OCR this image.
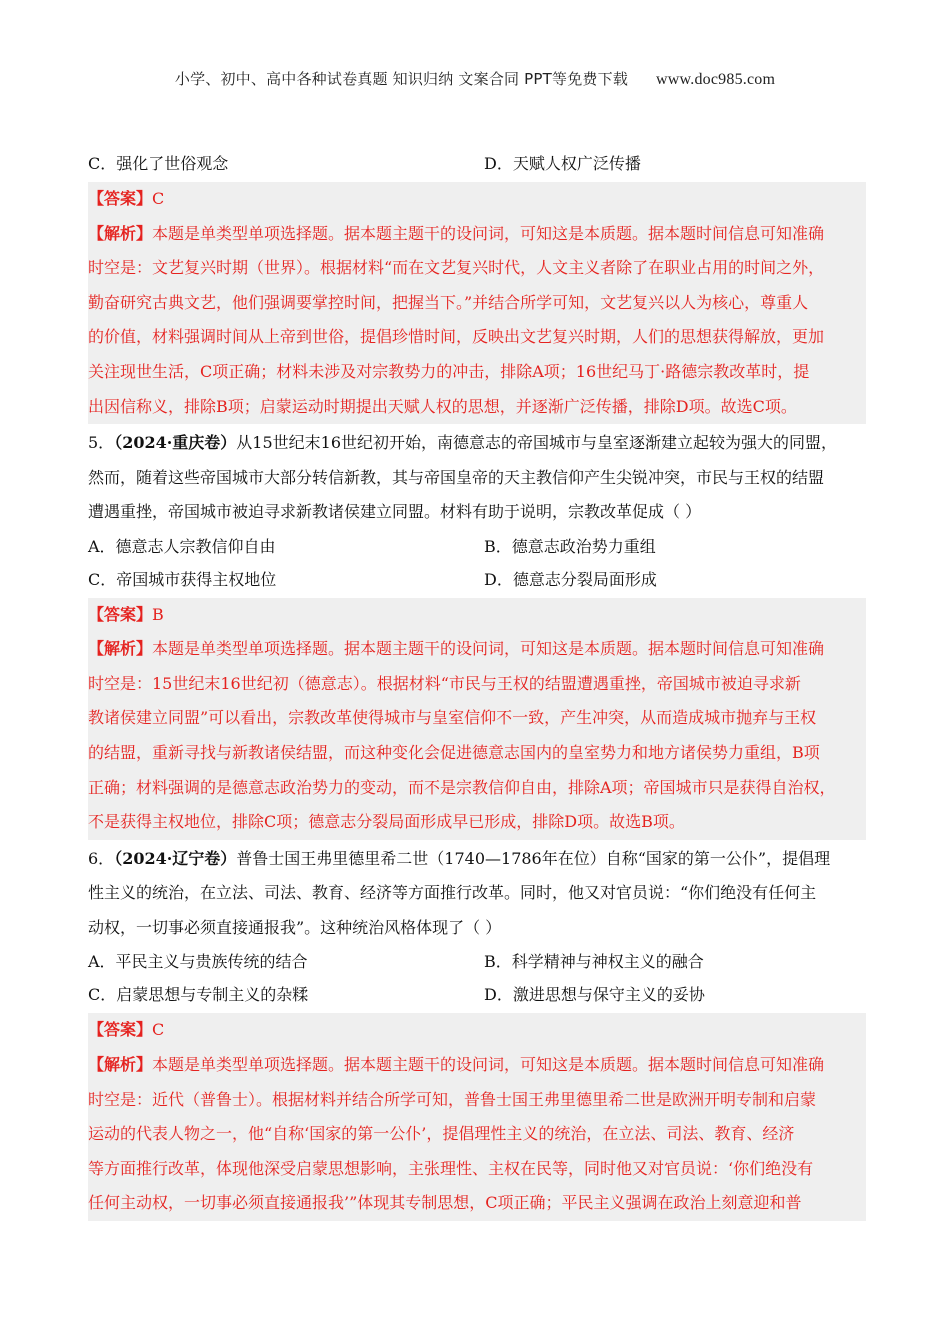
小学、初中、高中各种试卷真题 知识归纳 文案合同 PPT等免费下载 www.doc985.com
C．强化了世俗观念	D．天赋人权广泛传播
【答案】C
【解析】本题是单类型单项选择题。据本题主题干的设问词，可知这是本质题。据本题时间信息可知准确
时空是：文艺复兴时期（世界）。根据材料“而在文艺复兴时代，人文主义者除了在职业占用的时间之外，
勤奋研究古典文艺，他们强调要掌控时间，把握当下。”并结合所学可知，文艺复兴以人为核心，尊重人
的价值，材料强调时间从上帝到世俗，提倡珍惜时间，反映出文艺复兴时期，人们的思想获得解放，更加
关注现世生活，C项正确；材料未涉及对宗教势力的冲击，排除A项；16世纪马丁·路德宗教改革时，提
出因信称义，排除B项；启蒙运动时期提出天赋人权的思想，并逐渐广泛传播，排除D项。故选C项。
5．（2024·重庆卷）从15世纪末16世纪初开始，南德意志的帝国城市与皇室逐渐建立起较为强大的同盟，
然而，随着这些帝国城市大部分转信新教，其与帝国皇帝的天主教信仰产生尖锐冲突，市民与王权的结盟
遭遇重挫，帝国城市被迫寻求新教诸侯建立同盟。材料有助于说明，宗教改革促成（ ）
A．德意志人宗教信仰自由	B．德意志政治势力重组
C．帝国城市获得主权地位	D．德意志分裂局面形成
【答案】B
【解析】本题是单类型单项选择题。据本题主题干的设问词，可知这是本质题。据本题时间信息可知准确
时空是：15世纪末16世纪初（德意志）。根据材料“市民与王权的结盟遭遇重挫，帝国城市被迫寻求新
教诸侯建立同盟”可以看出，宗教改革使得城市与皇室信仰不一致，产生冲突，从而造成城市抛弃与王权
的结盟，重新寻找与新教诸侯结盟，而这种变化会促进德意志国内的皇室势力和地方诸侯势力重组，B项
正确；材料强调的是德意志政治势力的变动，而不是宗教信仰自由，排除A项；帝国城市只是获得自治权，
不是获得主权地位，排除C项；德意志分裂局面形成早已形成，排除D项。故选B项。
6．（2024·辽宁卷）普鲁士国王弗里德里希二世（1740—1786年在位）自称“国家的第一公仆”，提倡理
性主义的统治，在立法、司法、教育、经济等方面推行改革。同时，他又对官员说：“你们绝没有任何主
动权，一切事必须直接通报我”。这种统治风格体现了（ ）
A．平民主义与贵族传统的结合	B．科学精神与神权主义的融合
C．启蒙思想与专制主义的杂糅	D．激进思想与保守主义的妥协
【答案】C
【解析】本题是单类型单项选择题。据本题主题干的设问词，可知这是本质题。据本题时间信息可知准确
时空是：近代（普鲁士）。根据材料并结合所学可知，普鲁士国王弗里德里希二世是欧洲开明专制和启蒙
运动的代表人物之一，他“自称‘国家的第一公仆’，提倡理性主义的统治，在立法、司法、教育、经济
等方面推行改革，体现他深受启蒙思想影响，主张理性、主权在民等，同时他又对官员说：‘你们绝没有
任何主动权，一切事必须直接通报我’”体现其专制思想，C项正确；平民主义强调在政治上刻意迎和普
